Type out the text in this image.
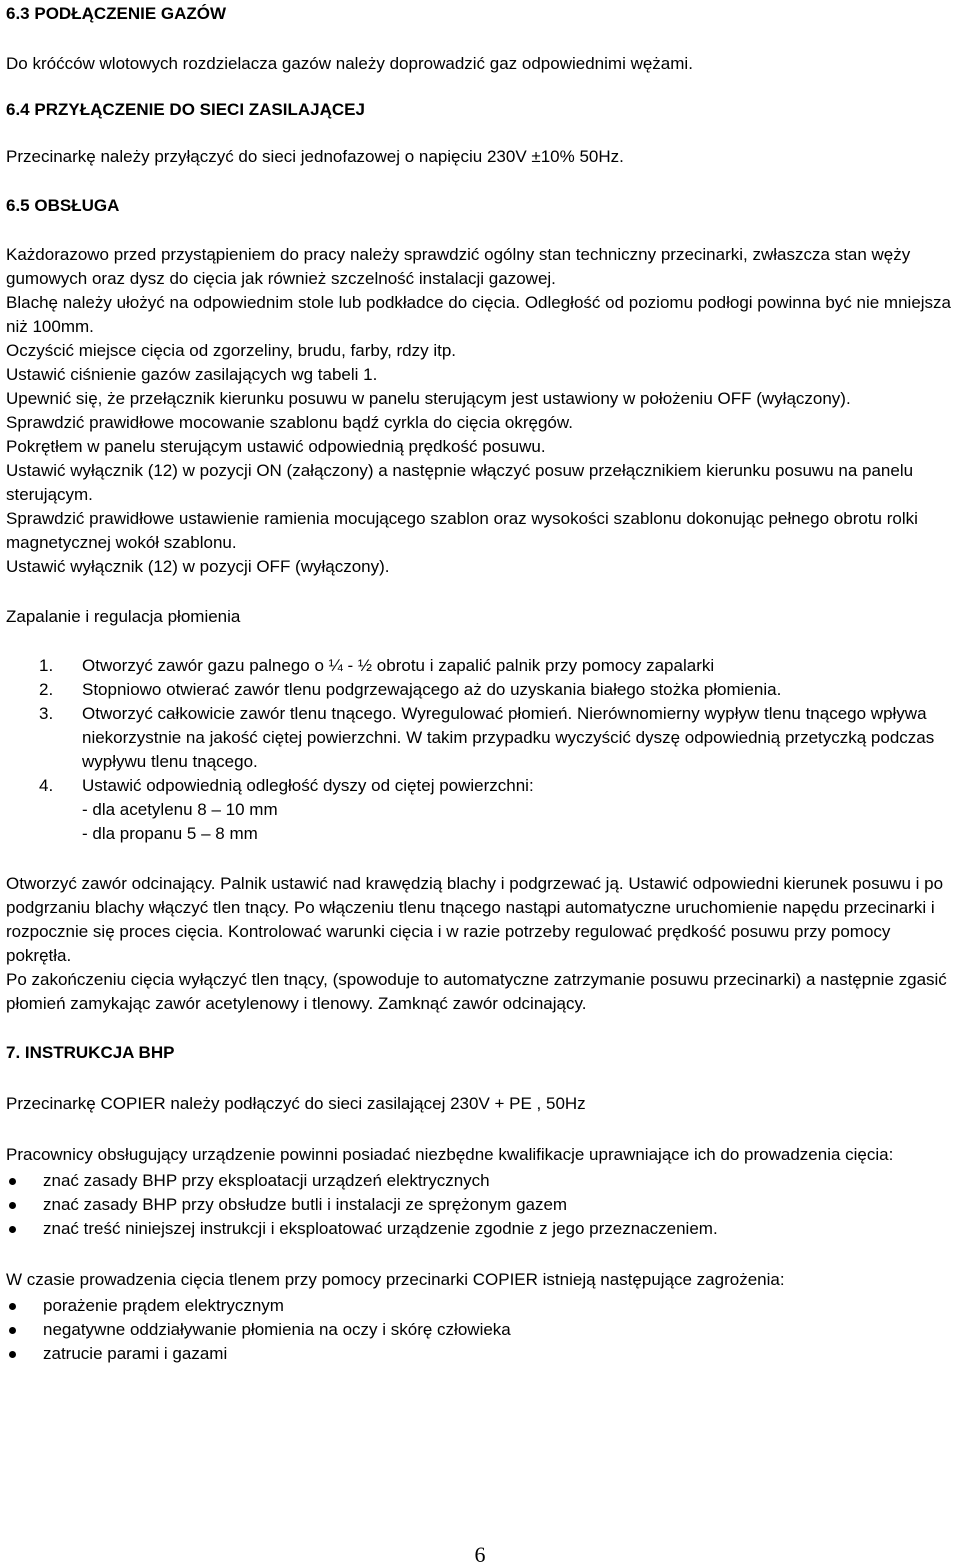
6.3 PODŁĄCZENIE GAZÓW

Do króćców wlotowych rozdzielacza gazów należy doprowadzić gaz odpowiednimi wężami.

6.4 PRZYŁĄCZENIE DO SIECI ZASILAJĄCEJ

Przecinarkę należy przyłączyć do sieci jednofazowej o napięciu 230V ±10% 50Hz.

6.5 OBSŁUGA

Każdorazowo przed przystąpieniem do pracy należy sprawdzić ogólny stan techniczny przecinarki, zwłaszcza stan węży gumowych oraz dysz do cięcia jak również szczelność instalacji gazowej.

Blachę należy ułożyć na odpowiednim stole lub podkładce do cięcia. Odległość od poziomu podłogi powinna być nie mniejsza niż 100mm.

Oczyścić miejsce cięcia od zgorzeliny, brudu, farby, rdzy itp.

Ustawić ciśnienie gazów zasilających wg tabeli 1.

Upewnić się, że przełącznik kierunku posuwu w panelu sterującym jest ustawiony w położeniu OFF (wyłączony).

Sprawdzić prawidłowe mocowanie szablonu bądź cyrkla do cięcia okręgów.

Pokrętłem w panelu sterującym ustawić odpowiednią prędkość posuwu.

Ustawić wyłącznik (12) w pozycji ON (załączony) a następnie włączyć posuw przełącznikiem kierunku posuwu na panelu sterującym.

Sprawdzić prawidłowe ustawienie ramienia mocującego szablon oraz wysokości szablonu dokonując pełnego obrotu rolki magnetycznej wokół szablonu.

Ustawić wyłącznik (12) w pozycji OFF (wyłączony).

Zapalanie i regulacja płomienia

1. Otworzyć zawór gazu palnego o ¼ - ½ obrotu i zapalić palnik przy pomocy zapalarki
2. Stopniowo otwierać zawór tlenu podgrzewającego aż do uzyskania białego stożka płomienia.
3. Otworzyć całkowicie zawór tlenu tnącego. Wyregulować płomień. Nierównomierny wypływ tlenu tnącego wpływa niekorzystnie na jakość ciętej powierzchni. W takim przypadku wyczyścić dyszę odpowiednią przetyczką podczas wypływu tlenu tnącego.
4. Ustawić odpowiednią odległość dyszy od ciętej powierzchni:
- dla acetylenu 8 – 10 mm
- dla propanu 5 – 8 mm

Otworzyć zawór odcinający. Palnik ustawić nad krawędzią blachy i podgrzewać ją. Ustawić odpowiedni kierunek posuwu i po podgrzaniu blachy włączyć tlen tnący. Po włączeniu tlenu tnącego nastąpi automatyczne uruchomienie napędu przecinarki i rozpocznie się proces cięcia. Kontrolować warunki cięcia i w razie potrzeby regulować prędkość posuwu przy pomocy pokrętła.

Po zakończeniu cięcia wyłączyć tlen tnący, (spowoduje to automatyczne zatrzymanie posuwu przecinarki) a następnie zgasić płomień zamykając zawór acetylenowy i tlenowy. Zamknąć zawór odcinający.

7. INSTRUKCJA BHP

Przecinarkę COPIER należy podłączyć do sieci zasilającej 230V + PE , 50Hz

Pracownicy obsługujący urządzenie powinni posiadać niezbędne kwalifikacje uprawniające ich do prowadzenia cięcia:

znać zasady BHP przy eksploatacji urządzeń elektrycznych
znać zasady BHP przy obsłudze butli i instalacji ze sprężonym gazem
znać treść niniejszej instrukcji i eksploatować urządzenie zgodnie z jego przeznaczeniem.

W czasie prowadzenia cięcia tlenem przy pomocy przecinarki COPIER istnieją następujące zagrożenia:

porażenie prądem elektrycznym
negatywne oddziaływanie płomienia na oczy i skórę człowieka
zatrucie parami i gazami
6
